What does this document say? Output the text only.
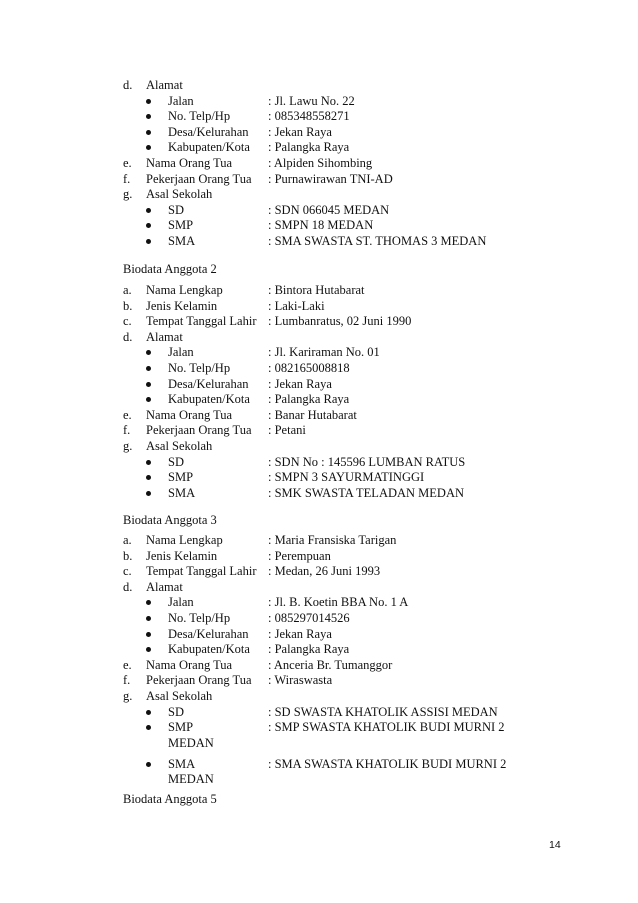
d. Alamat
Jalan	: Jl. Lawu No. 22
No. Telp/Hp	: 085348558271
Desa/Kelurahan : Jekan Raya
Kabupaten/Kota : Palangka Raya
e. Nama Orang Tua	: Alpiden Sihombing
f. Pekerjaan Orang Tua : Purnawirawan TNI-AD
g. Asal Sekolah
SD	: SDN 066045 MEDAN
SMP	: SMPN 18 MEDAN
SMA	: SMA SWASTA ST. THOMAS 3 MEDAN
Biodata Anggota 2
a. Nama Lengkap	: Bintora Hutabarat
b. Jenis Kelamin	: Laki-Laki
c. Tempat Tanggal Lahir : Lumbanratus, 02 Juni 1990
d. Alamat
Jalan	: Jl. Kariraman No. 01
No. Telp/Hp	: 082165008818
Desa/Kelurahan : Jekan Raya
Kabupaten/Kota : Palangka Raya
e. Nama Orang Tua	: Banar Hutabarat
f. Pekerjaan Orang Tua : Petani
g. Asal Sekolah
SD	: SDN No : 145596 LUMBAN RATUS
SMP	: SMPN 3 SAYURMATINGGI
SMA	: SMK SWASTA TELADAN MEDAN
Biodata Anggota 3
a. Nama Lengkap	: Maria Fransiska Tarigan
b. Jenis Kelamin	: Perempuan
c. Tempat Tanggal Lahir : Medan, 26 Juni 1993
d. Alamat
Jalan	: Jl. B. Koetin BBA No. 1 A
No. Telp/Hp	: 085297014526
Desa/Kelurahan : Jekan Raya
Kabupaten/Kota : Palangka Raya
e. Nama Orang Tua	: Anceria Br. Tumanggor
f. Pekerjaan Orang Tua : Wiraswasta
g. Asal Sekolah
SD	: SD SWASTA KHATOLIK ASSISI MEDAN
SMP	: SMP SWASTA KHATOLIK BUDI MURNI 2
MEDAN
SMA	: SMA SWASTA KHATOLIK BUDI MURNI 2
MEDAN
Biodata Anggota 5
14
